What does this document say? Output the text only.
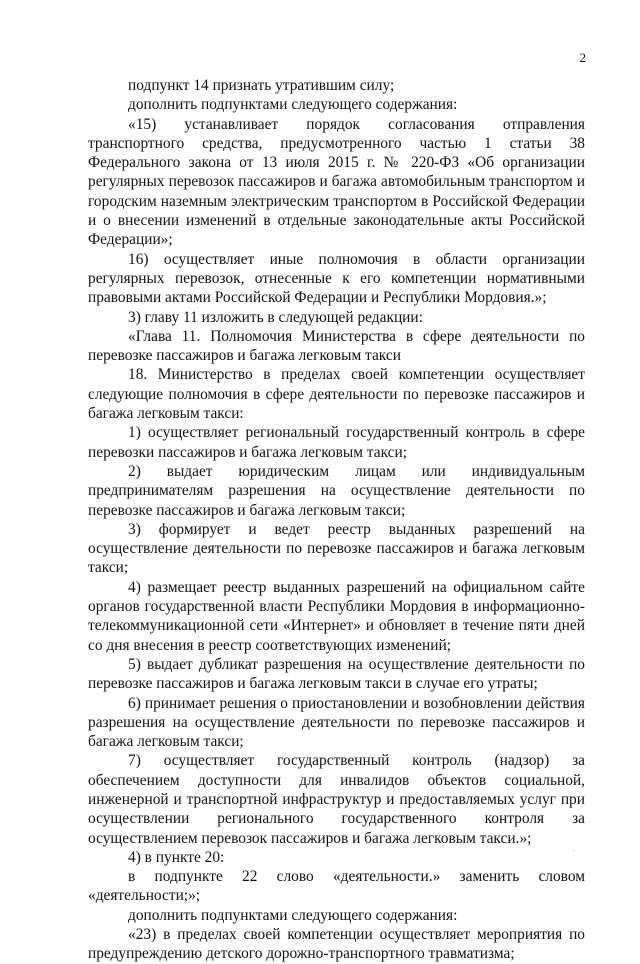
2

подпункт 14 признать утратившим силу;

дополнить подпунктами следующего содержания:

«15) устанавливает порядок согласования отправления транспортного средства, предусмотренного частью 1 статьи 38 Федерального закона от 13 июля 2015 г. № 220-ФЗ «Об организации регулярных перевозок пассажиров и багажа автомобильным транспортом и городским наземным электрическим транспортом в Российской Федерации и о внесении изменений в отдельные законодательные акты Российской Федерации»;

16) осуществляет иные полномочия в области организации регулярных перевозок, отнесенные к его компетенции нормативными правовыми актами Российской Федерации и Республики Мордовия.»;

3) главу 11 изложить в следующей редакции:

«Глава 11. Полномочия Министерства в сфере деятельности по перевозке пассажиров и багажа легковым такси

18. Министерство в пределах своей компетенции осуществляет следующие полномочия в сфере деятельности по перевозке пассажиров и багажа легковым такси:

1) осуществляет региональный государственный контроль в сфере перевозки пассажиров и багажа легковым такси;

2) выдает юридическим лицам или индивидуальным предпринимателям разрешения на осуществление деятельности по перевозке пассажиров и багажа легковым такси;

3) формирует и ведет реестр выданных разрешений на осуществление деятельности по перевозке пассажиров и багажа легковым такси;

4) размещает реестр выданных разрешений на официальном сайте органов государственной власти Республики Мордовия в информационно-телекоммуникационной сети «Интернет» и обновляет в течение пяти дней со дня внесения в реестр соответствующих изменений;

5) выдает дубликат разрешения на осуществление деятельности по перевозке пассажиров и багажа легковым такси в случае его утраты;

6) принимает решения о приостановлении и возобновлении действия разрешения на осуществление деятельности по перевозке пассажиров и багажа легковым такси;

7) осуществляет государственный контроль (надзор) за обеспечением доступности для инвалидов объектов социальной, инженерной и транспортной инфраструктур и предоставляемых услуг при осуществлении регионального государственного контроля за осуществлением перевозок пассажиров и багажа легковым такси.»;

4) в пункте 20:

в подпункте 22 слово «деятельности.» заменить словом «деятельности;»;

дополнить подпунктами следующего содержания:

«23) в пределах своей компетенции осуществляет мероприятия по предупреждению детского дорожно-транспортного травматизма;
